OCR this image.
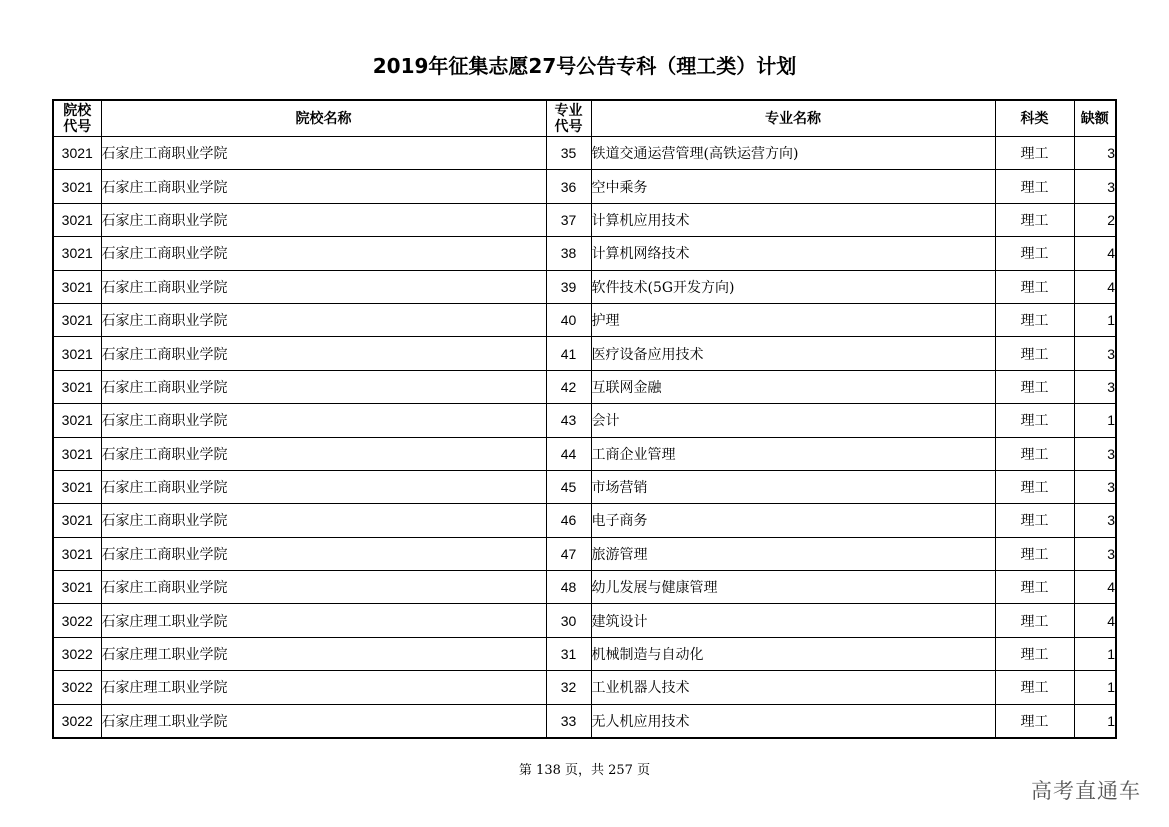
2019年征集志愿27号公告专科（理工类）计划
院校代号	院校名称	专业代号	专业名称	科类	缺额
3021	石家庄工商职业学院	35	铁道交通运营管理(高铁运营方向)	理工	3
3021	石家庄工商职业学院	36	空中乘务	理工	3
3021	石家庄工商职业学院	37	计算机应用技术	理工	2
3021	石家庄工商职业学院	38	计算机网络技术	理工	4
3021	石家庄工商职业学院	39	软件技术(5G开发方向)	理工	4
3021	石家庄工商职业学院	40	护理	理工	1
3021	石家庄工商职业学院	41	医疗设备应用技术	理工	3
3021	石家庄工商职业学院	42	互联网金融	理工	3
3021	石家庄工商职业学院	43	会计	理工	1
3021	石家庄工商职业学院	44	工商企业管理	理工	3
3021	石家庄工商职业学院	45	市场营销	理工	3
3021	石家庄工商职业学院	46	电子商务	理工	3
3021	石家庄工商职业学院	47	旅游管理	理工	3
3021	石家庄工商职业学院	48	幼儿发展与健康管理	理工	4
3022	石家庄理工职业学院	30	建筑设计	理工	4
3022	石家庄理工职业学院	31	机械制造与自动化	理工	1
3022	石家庄理工职业学院	32	工业机器人技术	理工	1
3022	石家庄理工职业学院	33	无人机应用技术	理工	1
第 138 页，共 257 页
高考直通车
